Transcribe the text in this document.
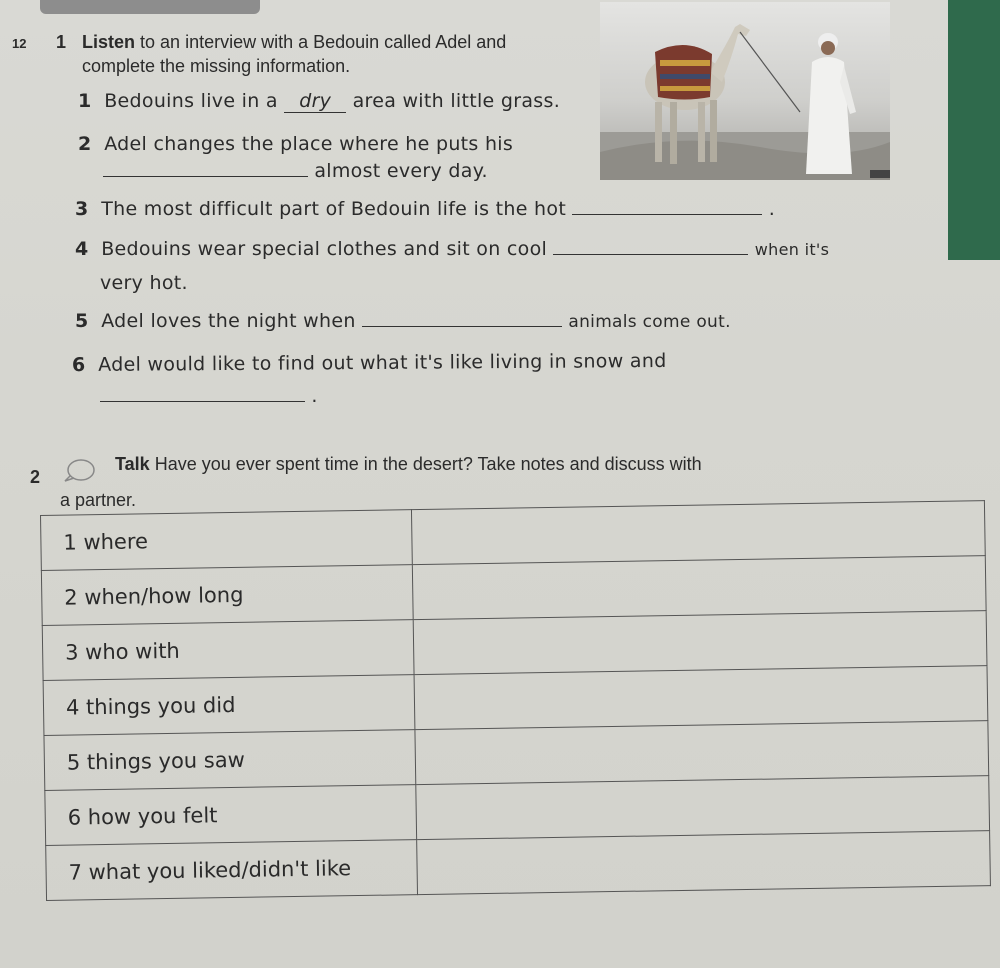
12 1 Listen to an interview with a Bedouin called Adel and
complete the missing information.
1 Bedouins live in a dry area with little grass.
2 Adel changes the place where he puts his
almost every day.
3 The most difficult part of Bedouin life is the hot	.
4 Bedouins wear special clothes and sit on cool	when it's
very hot.
5 Adel loves the night when	animals come out.
6 Adel would like to find out what it's like living in snow and
.
2
Talk Have you ever spent time in the desert? Take notes and discuss with
a partner.
1 where	
2 when/how long	
3 who with	
4 things you did	
5 things you saw	
6 how you felt	
7 what you liked/didn't like	
